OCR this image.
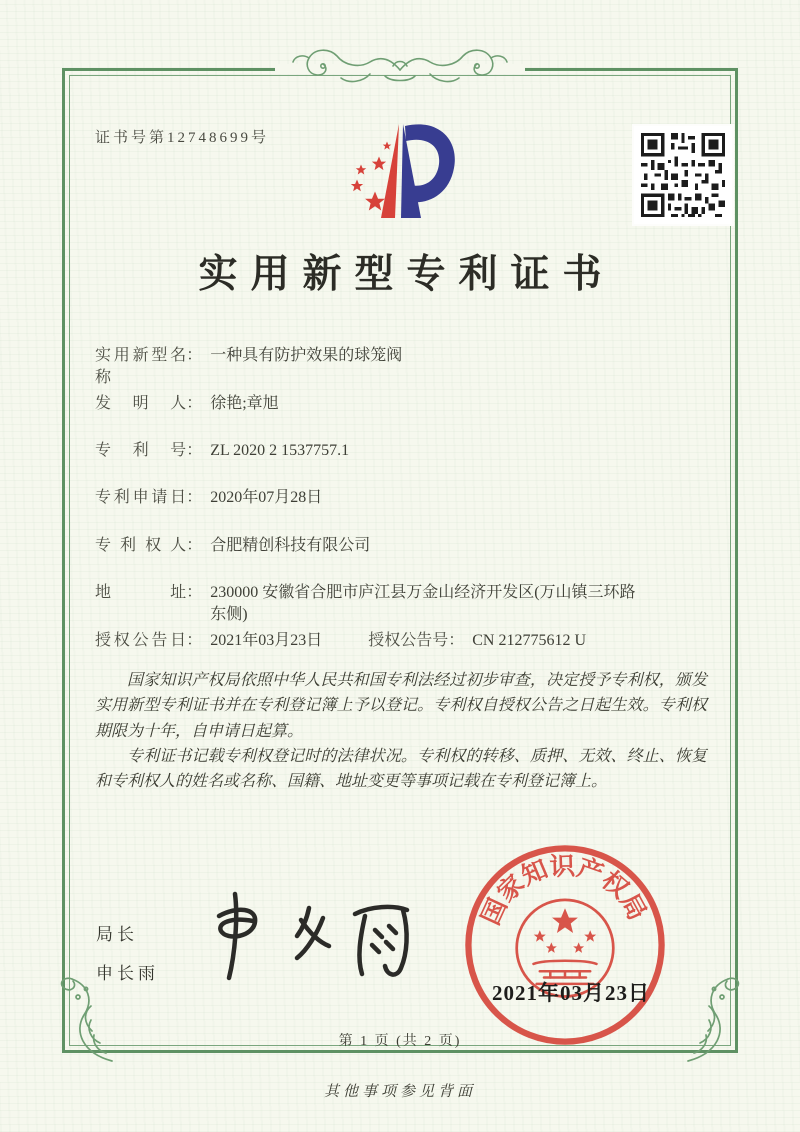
证书号第12748699号
实用新型专利证书
实用新型名称
： 一种具有防护效果的球笼阀
发明人 ： 徐艳;章旭
专利号 ： ZL 2020 2 1537757.1
专利申请日 ： 2020年07月28日
专利权人 ： 合肥精创科技有限公司
地址 ： 230000 安徽省合肥市庐江县万金山经济开发区(万山镇三环路东侧)
授权公告日 ： 2021年03月23日	授权公告号 ： CN 212775612 U

国家知识产权局依照中华人民共和国专利法经过初步审查，决定授予专利权，颁发实用新型专利证书并在专利登记簿上予以登记。专利权自授权公告之日起生效。专利权期限为十年，自申请日起算。

专利证书记载专利权登记时的法律状况。专利权的转移、质押、无效、终止、恢复和专利权人的姓名或名称、国籍、地址变更等事项记载在专利登记簿上。

局长
申长雨
国家知识产权局
2021年03月23日
第 1 页 (共 2 页)
其他事项参见背面
